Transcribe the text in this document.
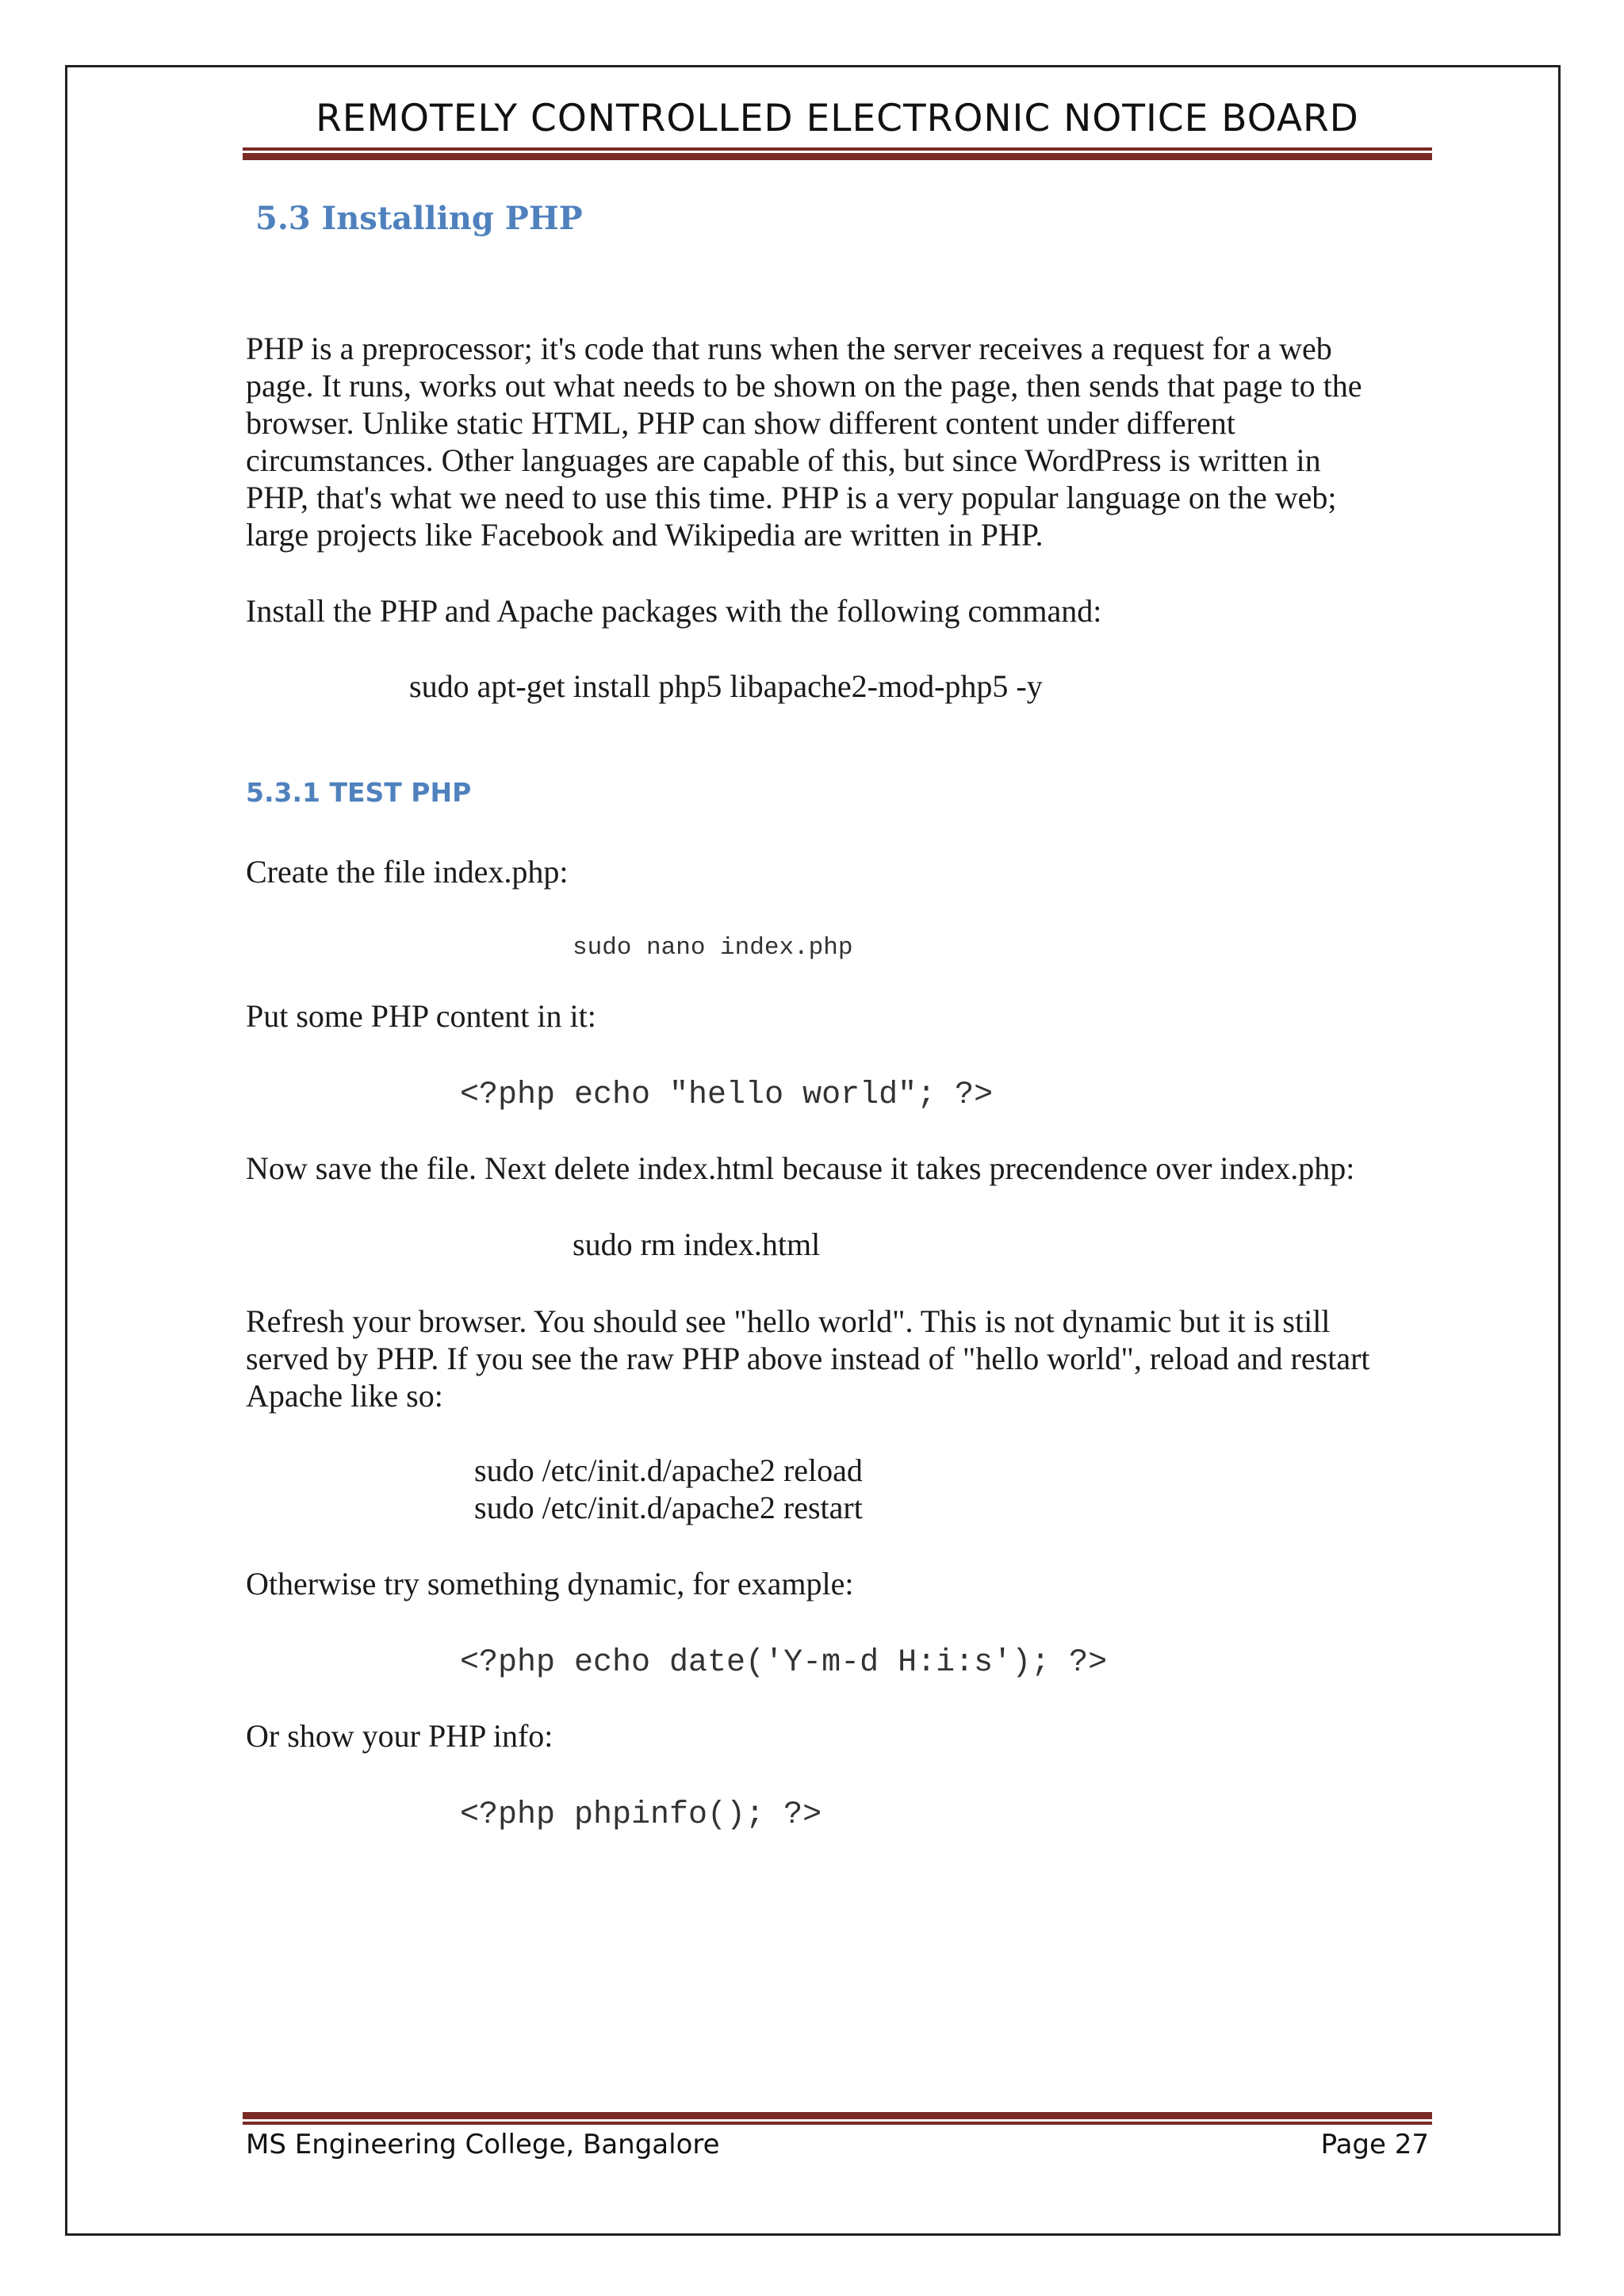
REMOTELY CONTROLLED ELECTRONIC NOTICE BOARD
5.3 Installing PHP

PHP is a preprocessor; it's code that runs when the server receives a request for a web

page. It runs, works out what needs to be shown on the page, then sends that page to the

browser. Unlike static HTML, PHP can show different content under different

circumstances. Other languages are capable of this, but since WordPress is written in

PHP, that's what we need to use this time. PHP is a very popular language on the web;

large projects like Facebook and Wikipedia are written in PHP.

Install the PHP and Apache packages with the following command:
sudo apt-get install php5 libapache2-mod-php5 -y
5.3.1 TEST PHP
Create the file index.php:
sudo nano index.php
Put some PHP content in it:
<?php echo "hello world"; ?>
Now save the file. Next delete index.html because it takes precendence over index.php:
sudo rm index.html

Refresh your browser. You should see "hello world". This is not dynamic but it is still

served by PHP. If you see the raw PHP above instead of "hello world", reload and restart

Apache like so:

sudo /etc/init.d/apache2 reload
sudo /etc/init.d/apache2 restart
Otherwise try something dynamic, for example:
<?php echo date('Y-m-d H:i:s'); ?>
Or show your PHP info:
<?php phpinfo(); ?>
MS Engineering College, Bangalore	Page 27
